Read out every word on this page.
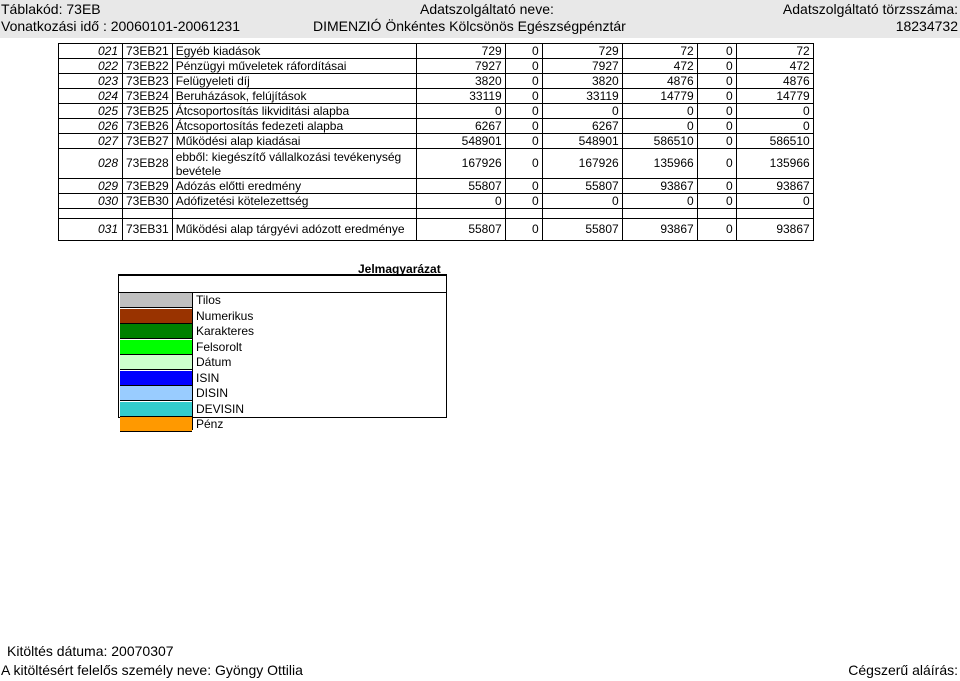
Táblakód: 73EB
Vonatkozási idő : 20060101-20061231
Adatszolgáltató neve:
DIMENZIÓ Önkéntes Kölcsönös Egészségpénztár
Adatszolgáltató törzsszáma:
18234732
021	73EB21	Egyéb kiadások	729	0	729	72	0	72
022	73EB22	Pénzügyi műveletek ráfordításai	7927	0	7927	472	0	472
023	73EB23	Felügyeleti díj	3820	0	3820	4876	0	4876
024	73EB24	Beruházások, felújítások	33119	0	33119	14779	0	14779
025	73EB25	Átcsoportosítás likviditási alapba	0	0	0	0	0	0
026	73EB26	Átcsoportosítás fedezeti alapba	6267	0	6267	0	0	0
027	73EB27	Működési alap kiadásai	548901	0	548901	586510	0	586510
028	73EB28	ebből: kiegészítő vállalkozási tevékenység bevétele	167926	0	167926	135966	0	135966
029	73EB29	Adózás előtti eredmény	55807	0	55807	93867	0	93867
030	73EB30	Adófizetési kötelezettség	0	0	0	0	0	0

031	73EB31	Működési alap tárgyévi adózott eredménye	55807	0	55807	93867	0	93867
Jelmagyarázat
Tilos
Numerikus
Karakteres
Felsorolt
Dátum
ISIN
DISIN
DEVISIN
Pénz
Kitöltés dátuma: 20070307
A kitöltésért felelős személy neve: Gyöngy Ottilia	Cégszerű aláírás:
